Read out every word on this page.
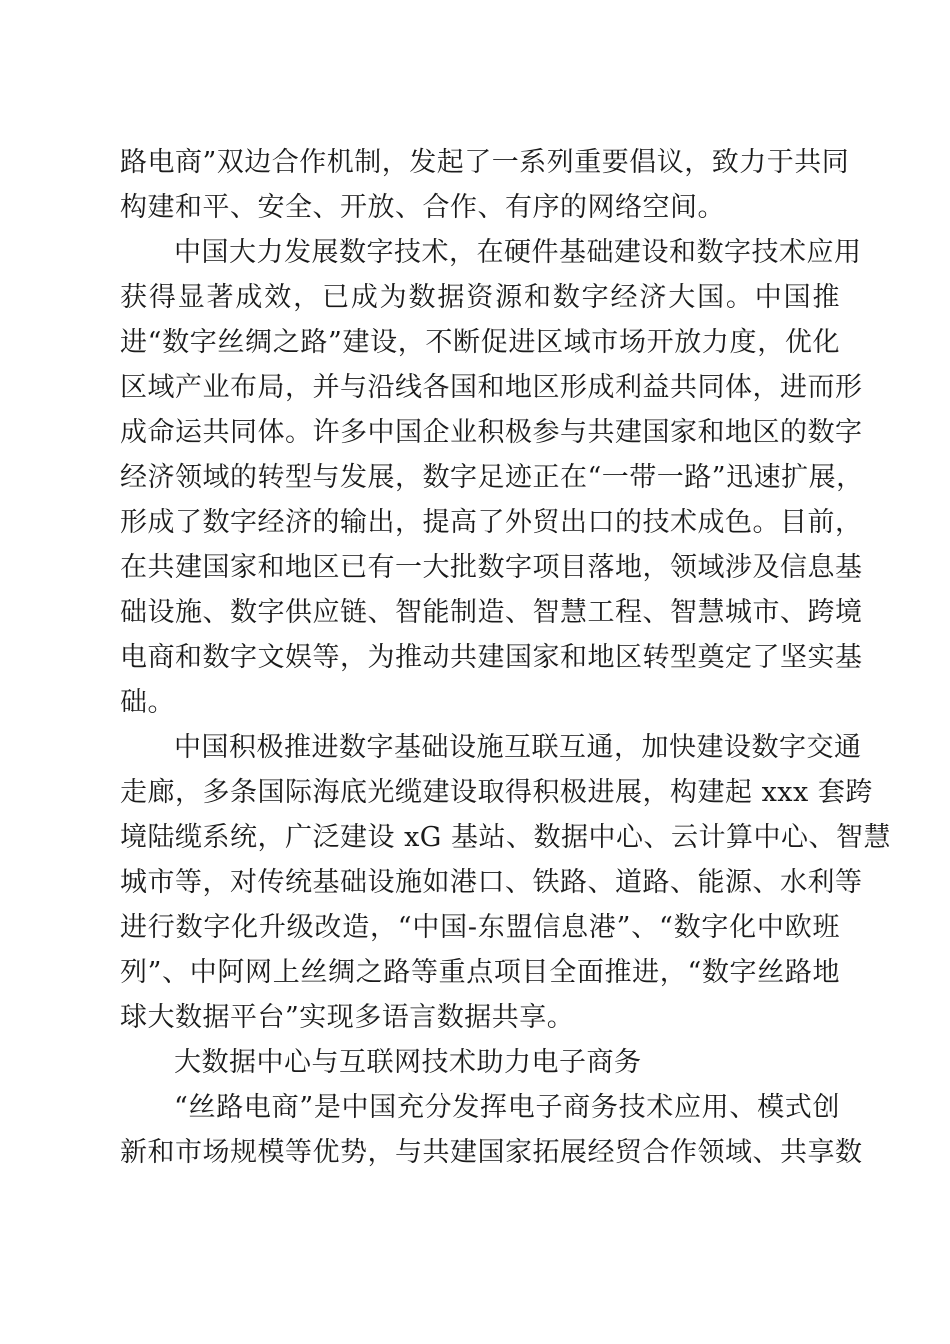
路电商”双边合作机制，发起了一系列重要倡议，致力于共同
构建和平、安全、开放、合作、有序的网络空间。
中国大力发展数字技术，在硬件基础建设和数字技术应用
获得显著成效，已成为数据资源和数字经济大国。中国推
进“数字丝绸之路”建设，不断促进区域市场开放力度，优化
区域产业布局，并与沿线各国和地区形成利益共同体，进而形
成命运共同体。许多中国企业积极参与共建国家和地区的数字
经济领域的转型与发展，数字足迹正在“一带一路”迅速扩展，
形成了数字经济的输出，提高了外贸出口的技术成色。目前，
在共建国家和地区已有一大批数字项目落地，领域涉及信息基
础设施、数字供应链、智能制造、智慧工程、智慧城市、跨境
电商和数字文娱等，为推动共建国家和地区转型奠定了坚实基
础。
中国积极推进数字基础设施互联互通，加快建设数字交通
走廊，多条国际海底光缆建设取得积极进展，构建起 xxx 套跨
境陆缆系统，广泛建设 xG 基站、数据中心、云计算中心、智慧
城市等，对传统基础设施如港口、铁路、道路、能源、水利等
进行数字化升级改造，“中国-东盟信息港”、“数字化中欧班
列”、中阿网上丝绸之路等重点项目全面推进，“数字丝路地
球大数据平台”实现多语言数据共享。
大数据中心与互联网技术助力电子商务
“丝路电商”是中国充分发挥电子商务技术应用、模式创
新和市场规模等优势，与共建国家拓展经贸合作领域、共享数
